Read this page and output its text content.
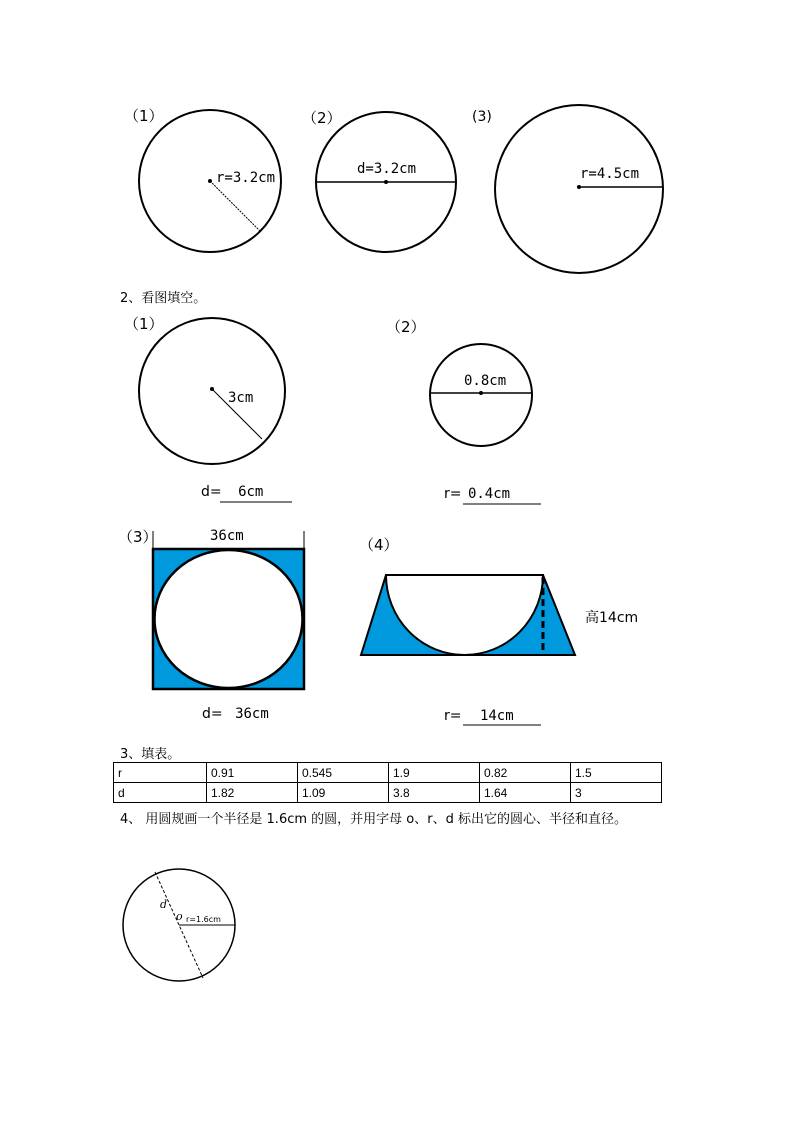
（1）
r=3.2cm
（2）
d=3.2cm
(3)
r=4.5cm
2、看图填空。
（1）
3cm
d= 6cm
（2）
0.8cm
r= 0.4cm
（3）	36cm
d= 36cm
（4）
高14cm
r= 14cm
3、填表。
r	0.91	0.545	1.9	0.82	1.5
d	1.82	1.09	3.8	1.64	3
4、 用圆规画一个半径是 1.6cm 的圆，并用字母 o、r、d 标出它的圆心、半径和直径。
d
o r=1.6cm
